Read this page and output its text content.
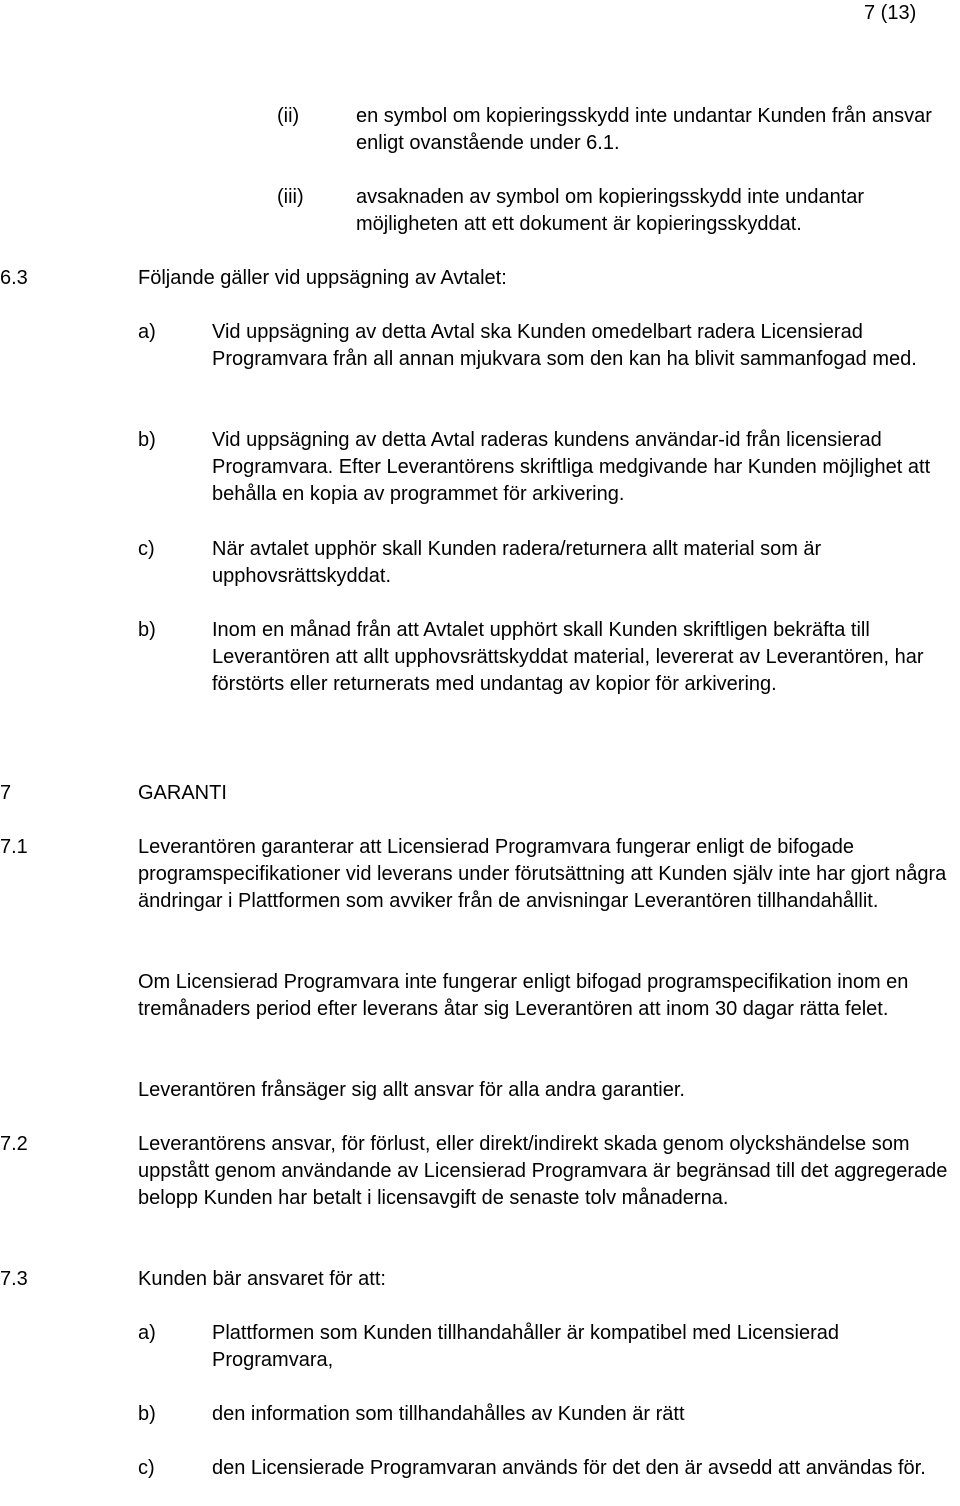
7 (13)
(ii)	en symbol om kopieringsskydd inte undantar Kunden från ansvar enligt ovanstående under 6.1.

(iii)	avsaknaden av symbol om kopieringsskydd inte undantar möjligheten att ett dokument är kopieringsskyddat.

6.3	Följande gäller vid uppsägning av Avtalet:
a)	Vid uppsägning av detta Avtal ska Kunden omedelbart radera Licensierad Programvara från all annan mjukvara som den kan ha blivit sammanfogad med.

b)	Vid uppsägning av detta Avtal raderas kundens användar-id från licensierad Programvara. Efter Leverantörens skriftliga medgivande har Kunden möjlighet att behålla en kopia av programmet för arkivering.

c)	När avtalet upphör skall Kunden radera/returnera allt material som är upphovsrättskyddat.

b)	Inom en månad från att Avtalet upphört skall Kunden skriftligen bekräfta till Leverantören att allt upphovsrättskyddat material, levererat av Leverantören, har förstörts eller returnerats med undantag av kopior för arkivering.

7	GARANTI
7.1	Leverantören garanterar att Licensierad Programvara fungerar enligt de bifogade programspecifikationer vid leverans under förutsättning att Kunden själv inte har gjort några ändringar i Plattformen som avviker från de anvisningar Leverantören tillhandahållit.

Om Licensierad Programvara inte fungerar enligt bifogad programspecifikation inom en tremånaders period efter leverans åtar sig Leverantören att inom 30 dagar rätta felet.

Leverantören frånsäger sig allt ansvar för alla andra garantier.

7.2	Leverantörens ansvar, för förlust, eller direkt/indirekt skada genom olyckshändelse som uppstått genom användande av Licensierad Programvara är begränsad till det aggregerade belopp Kunden har betalt i licensavgift de senaste tolv månaderna.

7.3	Kunden bär ansvaret för att:
a)	Plattformen som Kunden tillhandahåller är kompatibel med Licensierad Programvara,

b)	den information som tillhandahålles av Kunden är rätt

c)	den Licensierade Programvaran används för det den är avsedd att användas för.
